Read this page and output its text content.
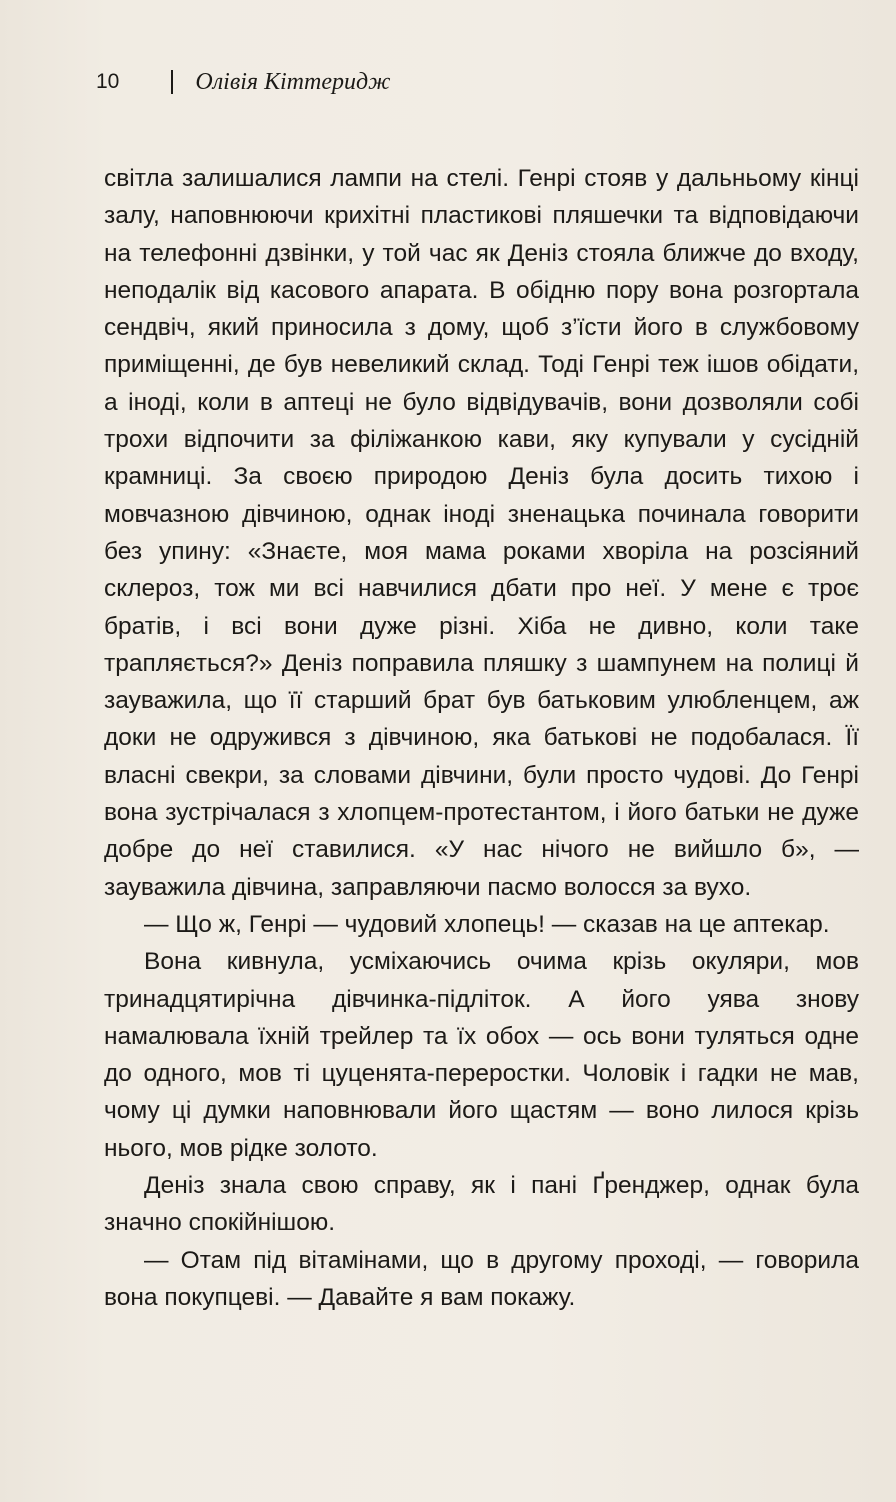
10	Олівія Кіттеридж

світла залишалися лампи на стелі. Генрі стояв у дальньому кінці залу, наповнюючи крихітні пластикові пляшечки та відповідаючи на телефонні дзвінки, у той час як Деніз стояла ближче до входу, неподалік від касового апарата. В обідню пору вона розгортала сендвіч, який приносила з дому, щоб з’їсти його в службовому приміщенні, де був невеликий склад. Тоді Генрі теж ішов обідати, а іноді, коли в аптеці не було відвідувачів, вони дозволяли собі трохи відпочити за філіжанкою кави, яку купували у сусідній крамниці. За своєю природою Деніз була досить тихою і мовчазною дівчиною, однак іноді зненацька починала говорити без упину: «Знаєте, моя мама роками хворіла на розсіяний склероз, тож ми всі навчилися дбати про неї. У мене є троє братів, і всі вони дуже різні. Хіба не дивно, коли таке трапляється?» Деніз поправила пляшку з шампунем на полиці й зауважила, що її старший брат був батьковим улюбленцем, аж доки не одружився з дівчиною, яка батькові не подобалася. Її власні свекри, за словами дівчини, були просто чудові. До Генрі вона зустрічалася з хлопцем-протестантом, і його батьки не дуже добре до неї ставилися. «У нас нічого не вийшло б», — зауважила дівчина, заправляючи пасмо волосся за вухо.

— Що ж, Генрі — чудовий хлопець! — сказав на це аптекар.

Вона кивнула, усміхаючись очима крізь окуляри, мов тринадцятирічна дівчинка-підліток. А його уява знову намалювала їхній трейлер та їх обох — ось вони туляться одне до одного, мов ті цуценята-переростки. Чоловік і гадки не мав, чому ці думки наповнювали його щастям — воно лилося крізь нього, мов рідке золото.

Деніз знала свою справу, як і пані Ґренджер, однак була значно спокійнішою.

— Отам під вітамінами, що в другому проході, — говорила вона покупцеві. — Давайте я вам покажу.
